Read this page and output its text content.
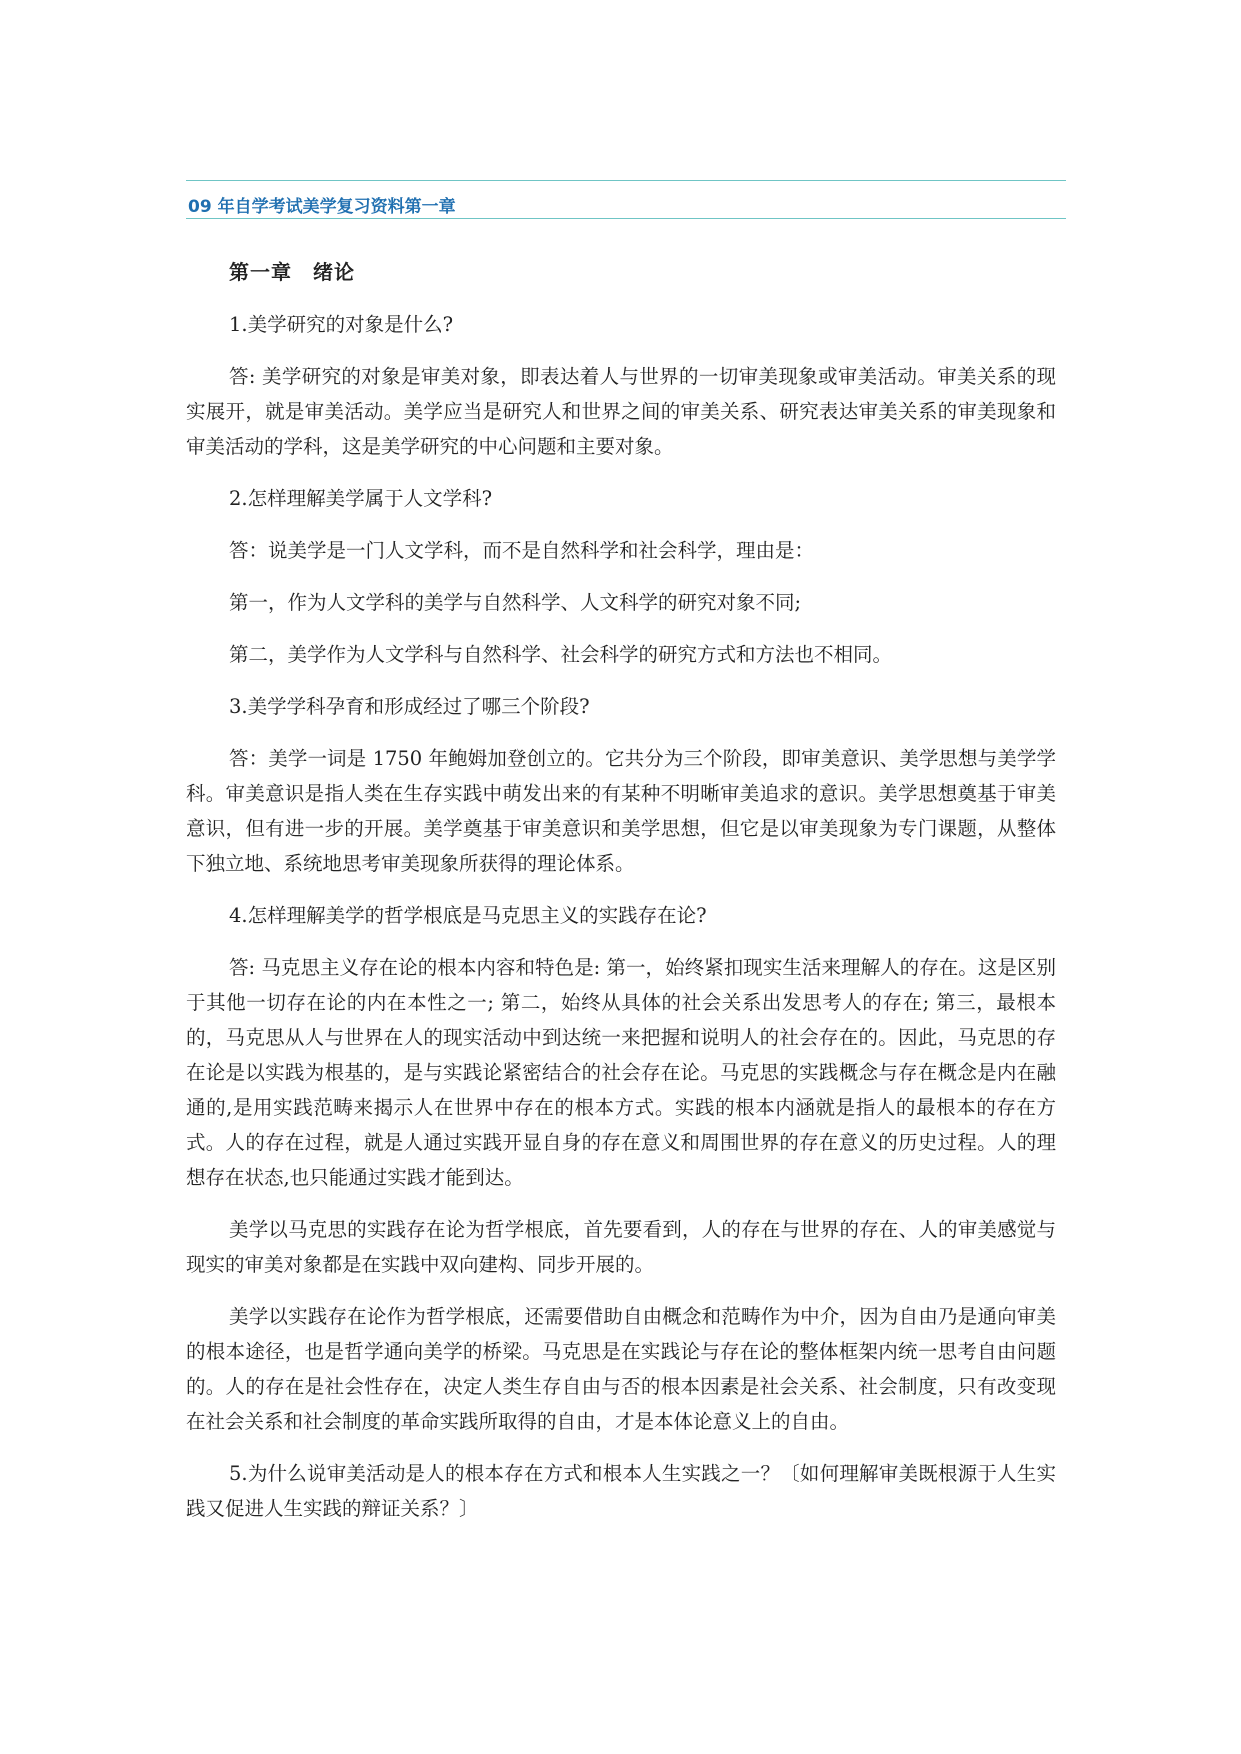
09 年自学考试美学复习资料第一章
第一章　绪论
1.美学研究的对象是什么?
答: 美学研究的对象是审美对象，即表达着人与世界的一切审美现象或审美活动。审美关系的现实展开，就是审美活动。美学应当是研究人和世界之间的审美关系、研究表达审美关系的审美现象和审美活动的学科，这是美学研究的中心问题和主要对象。
2.怎样理解美学属于人文学科?
答：说美学是一门人文学科，而不是自然科学和社会科学，理由是：
第一，作为人文学科的美学与自然科学、人文科学的研究对象不同;
第二，美学作为人文学科与自然科学、社会科学的研究方式和方法也不相同。
3.美学学科孕育和形成经过了哪三个阶段?
答：美学一词是 1750 年鲍姆加登创立的。它共分为三个阶段，即审美意识、美学思想与美学学科。审美意识是指人类在生存实践中萌发出来的有某种不明晰审美追求的意识。美学思想奠基于审美意识，但有进一步的开展。美学奠基于审美意识和美学思想，但它是以审美现象为专门课题，从整体下独立地、系统地思考审美现象所获得的理论体系。
4.怎样理解美学的哲学根底是马克思主义的实践存在论?
答: 马克思主义存在论的根本内容和特色是: 第一，始终紧扣现实生活来理解人的存在。这是区别于其他一切存在论的内在本性之一; 第二，始终从具体的社会关系出发思考人的存在; 第三，最根本的，马克思从人与世界在人的现实活动中到达统一来把握和说明人的社会存在的。因此，马克思的存在论是以实践为根基的，是与实践论紧密结合的社会存在论。马克思的实践概念与存在概念是内在融通的,是用实践范畴来揭示人在世界中存在的根本方式。实践的根本内涵就是指人的最根本的存在方式。人的存在过程，就是人通过实践开显自身的存在意义和周围世界的存在意义的历史过程。人的理想存在状态,也只能通过实践才能到达。
美学以马克思的实践存在论为哲学根底，首先要看到，人的存在与世界的存在、人的审美感觉与现实的审美对象都是在实践中双向建构、同步开展的。
美学以实践存在论作为哲学根底，还需要借助自由概念和范畴作为中介，因为自由乃是通向审美的根本途径，也是哲学通向美学的桥梁。马克思是在实践论与存在论的整体框架内统一思考自由问题的。人的存在是社会性存在，决定人类生存自由与否的根本因素是社会关系、社会制度，只有改变现在社会关系和社会制度的革命实践所取得的自由，才是本体论意义上的自由。
5.为什么说审美活动是人的根本存在方式和根本人生实践之一？〔如何理解审美既根源于人生实践又促进人生实践的辩证关系？〕
